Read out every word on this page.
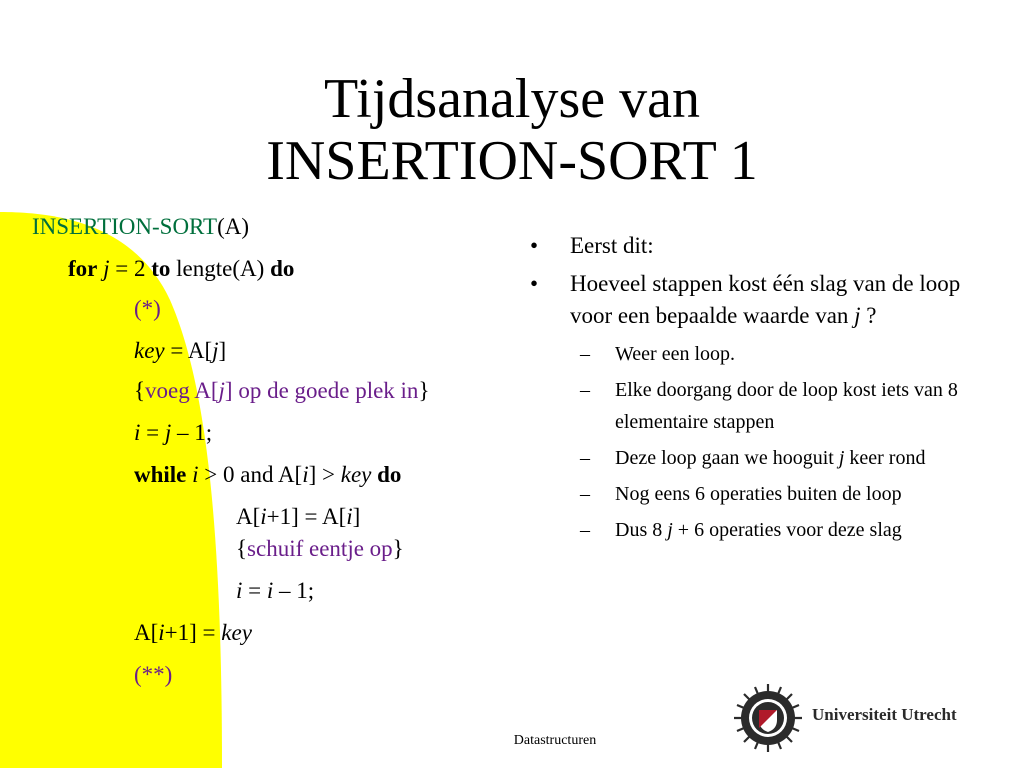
Tijdsanalyse van
INSERTION-SORT 1
INSERTION-SORT(A)
for j = 2 to lengte(A) do
(*)
key = A[j]
{voeg A[j] op de goede plek in}
i = j – 1;
while i > 0 and A[i] > key do
A[i+1] = A[i]
{schuif eentje op}
i = i – 1;
A[i+1] = key
(**)
• Eerst dit:
• Hoeveel stappen kost één slag van de loop voor een bepaalde waarde van j ?
– Weer een loop.
– Elke doorgang door de loop kost iets van 8 elementaire stappen
– Deze loop gaan we hooguit j keer rond
– Nog eens 6 operaties buiten de loop
– Dus 8 j + 6 operaties voor deze slag
Universiteit Utrecht
Datastructuren
